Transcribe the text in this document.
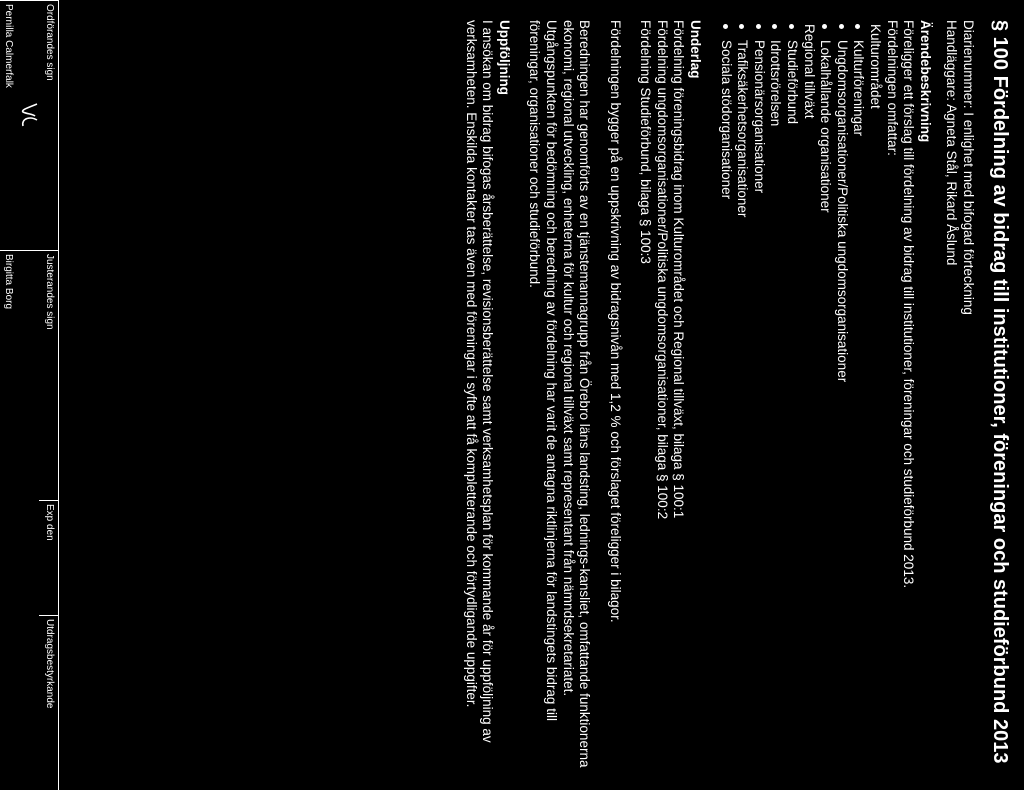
§ 100 Fördelning av bidrag till institutioner, föreningar och studieförbund 2013

Diarienummer: I enlighet med bifogad förteckning

Handläggare: Agneta Stål, Rikard Åslund

Ärendebeskrivning

Föreligger ett förslag till fördelning av bidrag till institutioner, föreningar och studieförbund 2013.

Fördelningen omfattar:

Kulturområdet

Kulturföreningar
Ungdomsorganisationer/Politiska ungdomsorganisationer
Lokalhållande organisationer

Regional tillväxt

Studieförbund
Idrottsrörelsen
Pensionärsorganisationer
Trafiksäkerhetsorganisationer
Sociala stödorganisationer

Underlag

Fördelning föreningsbidrag inom Kulturområdet och Regional tillväxt, bilaga § 100:1

Fördelning ungdomsorganisationer/Politiska ungdomsorganisationer, bilaga § 100:2

Fördelning Studieförbund, bilaga § 100:3

Fördelningen bygger på en uppskrivning av bidragsnivån med 1,2 % och förslaget föreligger i bilagor.

Beredningen har genomförts av en tjänstemannagrupp från Örebro läns landsting, lednings-kansliet, omfattande funktionerna ekonomi, regional utveckling, enheterna för kultur och regional tillväxt samt representant från nämndsekretariatet. Utgångspunkten för bedömning och beredning av fördelning har varit de antagna riktlinjerna för landstingets bidrag till föreningar, organisationer och studieförbund.

Uppföljning

I ansökan om bidrag bifogas årsberättelse, revisionsberättelse samt verksamhetsplan för kommande år för uppföljning av verksamheten. Enskilda kontakter tas även med föreningar i syfte att få kompletterande och förtydligande uppgifter.

Ordförandes sign
Pernilla Calmerfalk
Justerandes sign
Birgitta Borg
Exp den
Utdragsbestyrkande
